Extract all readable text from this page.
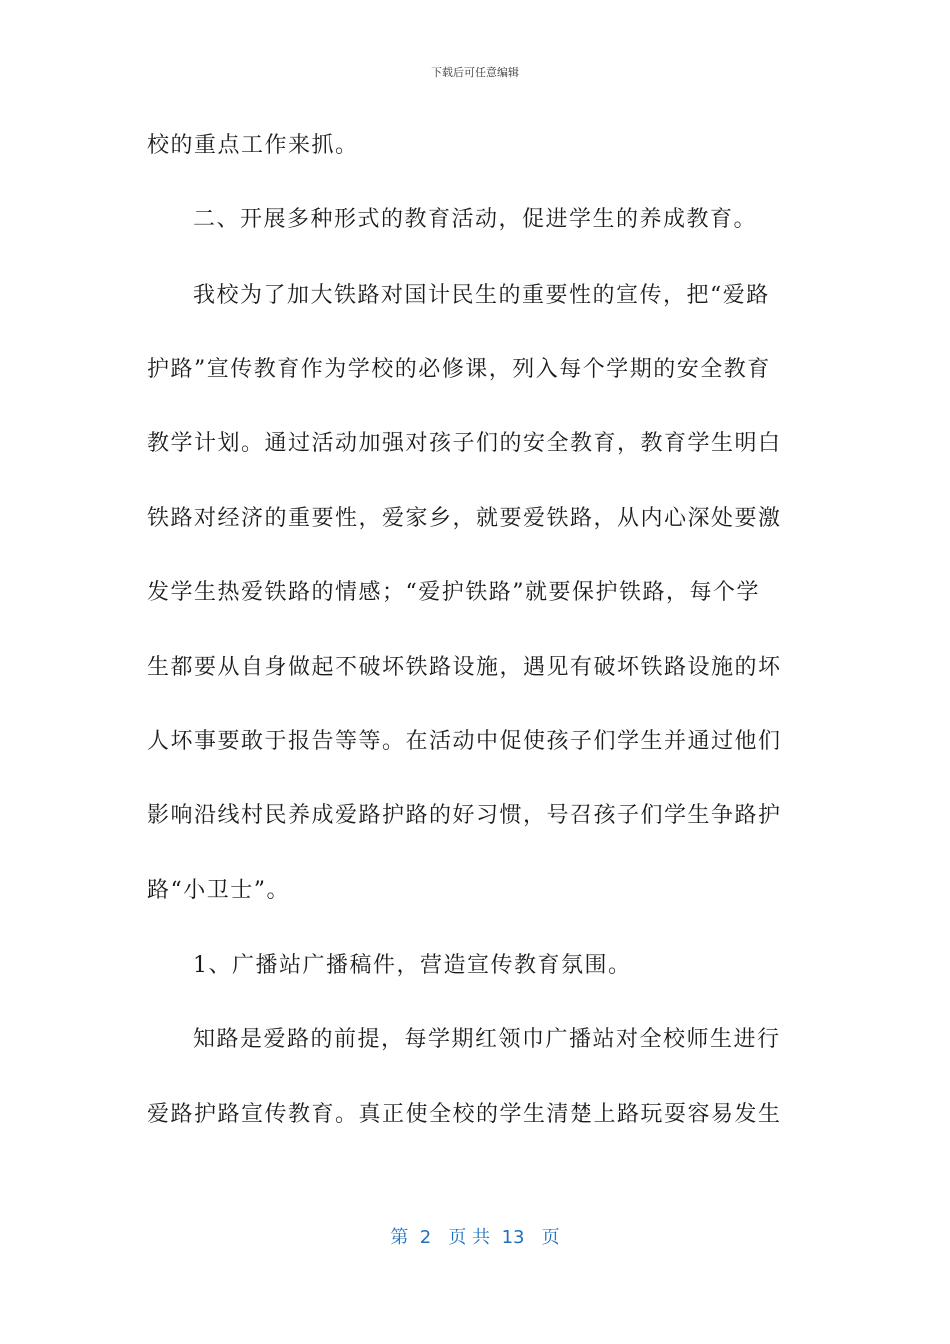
下载后可任意编辑
校的重点工作来抓。
二、开展多种形式的教育活动，促进学生的养成教育。
我校为了加大铁路对国计民生的重要性的宣传，把“爱路
护路”宣传教育作为学校的必修课，列入每个学期的安全教育
教学计划。通过活动加强对孩子们的安全教育，教育学生明白
铁路对经济的重要性，爱家乡，就要爱铁路，从内心深处要激
发学生热爱铁路的情感；“爱护铁路”就要保护铁路，每个学
生都要从自身做起不破坏铁路设施，遇见有破坏铁路设施的坏
人坏事要敢于报告等等。在活动中促使孩子们学生并通过他们
影响沿线村民养成爱路护路的好习惯，号召孩子们学生争路护
路“小卫士”。
1、广播站广播稿件，营造宣传教育氛围。
知路是爱路的前提，每学期红领巾广播站对全校师生进行
爱路护路宣传教育。真正使全校的学生清楚上路玩耍容易发生
第  2   页 共  13   页
